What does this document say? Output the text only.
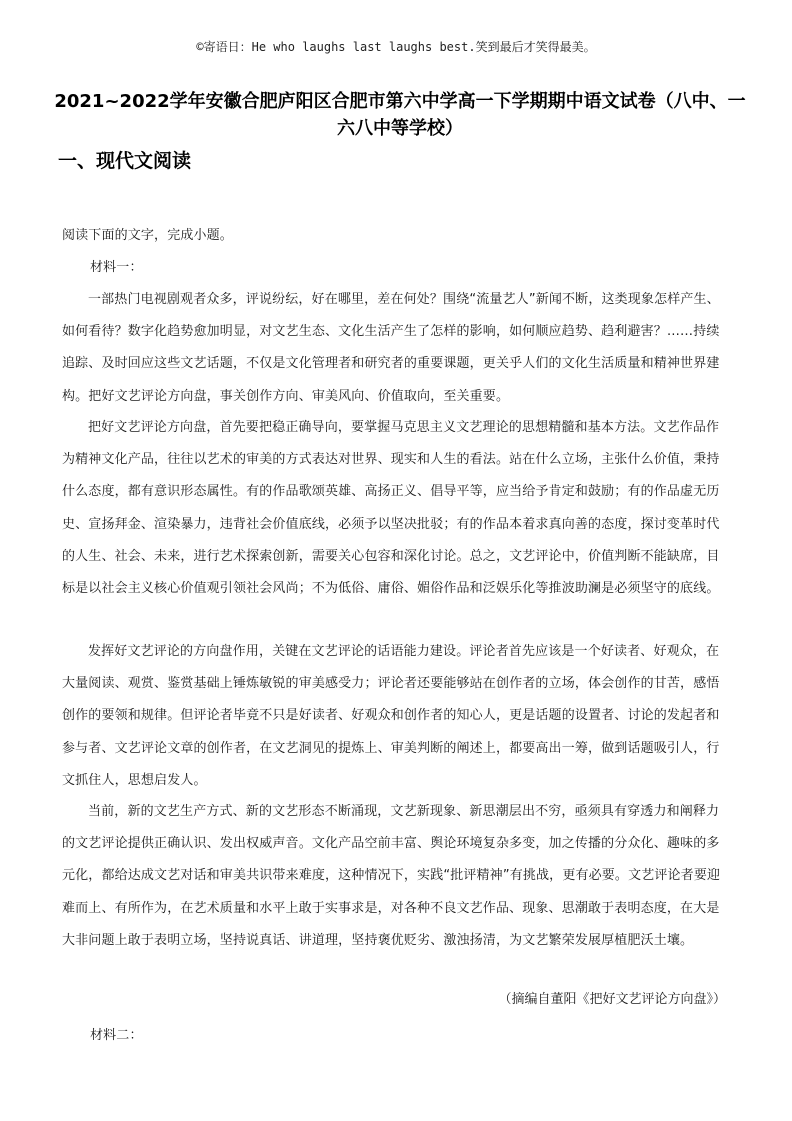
©寄语日：He who laughs last laughs best.笑到最后才笑得最美。
2021~2022学年安徽合肥庐阳区合肥市第六中学高一下学期期中语文试卷（八中、一六八中等学校）
一、现代文阅读
阅读下面的文字，完成小题。
材料一：

一部热门电视剧观者众多，评说纷纭，好在哪里，差在何处？围绕“流量艺人”新闻不断，这类现象怎样产生、如何看待？数字化趋势愈加明显，对文艺生态、文化生活产生了怎样的影响，如何顺应趋势、趋利避害？……持续追踪、及时回应这些文艺话题，不仅是文化管理者和研究者的重要课题，更关乎人们的文化生活质量和精神世界建构。把好文艺评论方向盘，事关创作方向、审美风向、价值取向，至关重要。

把好文艺评论方向盘，首先要把稳正确导向，要掌握马克思主义文艺理论的思想精髓和基本方法。文艺作品作为精神文化产品，往往以艺术的审美的方式表达对世界、现实和人生的看法。站在什么立场，主张什么价值，秉持什么态度，都有意识形态属性。有的作品歌颂英雄、高扬正义、倡导平等，应当给予肯定和鼓励；有的作品虚无历史、宣扬拜金、渲染暴力，违背社会价值底线，必须予以坚决批驳；有的作品本着求真向善的态度，探讨变革时代的人生、社会、未来，进行艺术探索创新，需要关心包容和深化讨论。总之，文艺评论中，价值判断不能缺席，目标是以社会主义核心价值观引领社会风尚；不为低俗、庸俗、媚俗作品和泛娱乐化等推波助澜是必须坚守的底线。

发挥好文艺评论的方向盘作用，关键在文艺评论的话语能力建设。评论者首先应该是一个好读者、好观众，在大量阅读、观赏、鉴赏基础上锤炼敏锐的审美感受力；评论者还要能够站在创作者的立场，体会创作的甘苦，感悟创作的要领和规律。但评论者毕竟不只是好读者、好观众和创作者的知心人，更是话题的设置者、讨论的发起者和参与者、文艺评论文章的创作者，在文艺洞见的提炼上、审美判断的阐述上，都要高出一筹，做到话题吸引人，行文抓住人，思想启发人。

当前，新的文艺生产方式、新的文艺形态不断涌现，文艺新现象、新思潮层出不穷，亟须具有穿透力和阐释力的文艺评论提供正确认识、发出权威声音。文化产品空前丰富、舆论环境复杂多变，加之传播的分众化、趣味的多元化，都给达成文艺对话和审美共识带来难度，这种情况下，实践“批评精神”有挑战，更有必要。文艺评论者要迎难而上、有所作为，在艺术质量和水平上敢于实事求是，对各种不良文艺作品、现象、思潮敢于表明态度，在大是大非问题上敢于表明立场，坚持说真话、讲道理，坚持褒优贬劣、激浊扬清，为文艺繁荣发展厚植肥沃土壤。

（摘编自董阳《把好文艺评论方向盘》）
材料二：
